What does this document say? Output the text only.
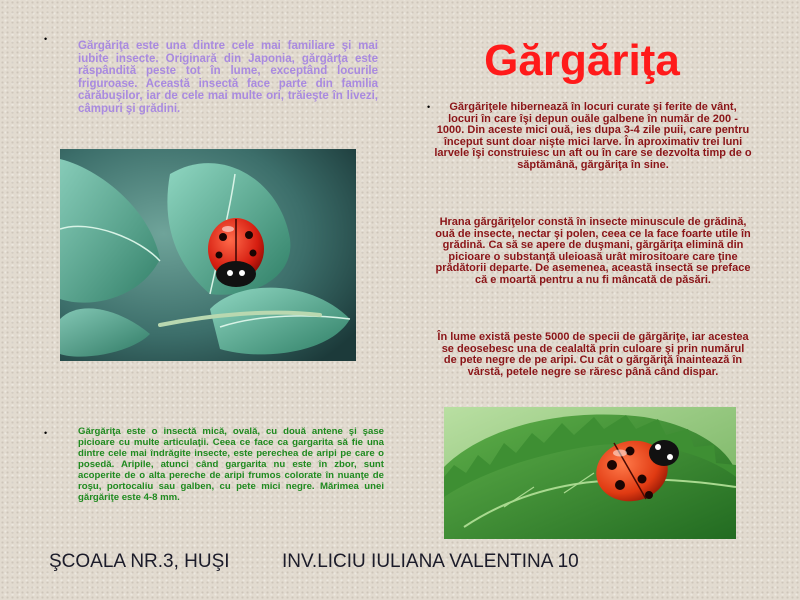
•

Gărgăriţa este una dintre cele mai familiare şi mai iubite insecte. Originară din Japonia, gărgărţa este răspândită peste tot în lume, exceptând locurile friguroase. Această insectă face parte din familia cărăbuşilor, iar de cele mai multe ori, trăieşte în livezi, câmpuri şi grădini.

•	Gărgăriţa este o insectă mică, ovală, cu două antene şi şase picioare cu multe articulaţii. Ceea ce face ca gargarita să fie una dintre cele mai îndrăgite insecte, este perechea de aripi pe care o posedă. Aripile, atunci când gargarita nu este în zbor, sunt acoperite de o alta pereche de aripi frumos colorate în nuanţe de roşu, portocaliu sau galben, cu pete mici negre. Mărimea unei gărgăriţe este 4-8 mm.

Gărgăriţa
•	Gărgăriţele hibernează în locuri curate şi ferite de vânt, locuri în care îşi depun ouăle galbene în număr de 200 - 1000. Din aceste mici ouă, ies dupa 3-4 zile puii, care pentru început sunt doar nişte mici larve. În aproximativ trei luni larvele îşi construiesc un aft ou în care se dezvolta timp de o săptămână, gărgăriţa în sine.

Hrana gărgăriţelor constă în insecte minuscule de grădină, ouă de insecte, nectar şi polen, ceea ce la face foarte utile în grădină. Ca să se apere de duşmani, gărgăriţa elimină din picioare o substanţă uleioasă urât mirositoare care ţine prădătorii departe. De asemenea, această insectă se preface că e moartă pentru a nu fi mâncată de păsări.

În lume există peste 5000 de specii de gărgăriţe, iar acestea se deosebesc una de cealaltă prin culoare şi prin numărul de pete negre de pe aripi. Cu cât o gărgăriţă înaintează în vârstă, petele negre se răresc până când dispar.

ŞCOALA NR.3, HUŞI	INV.LICIU IULIANA VALENTINA 10
